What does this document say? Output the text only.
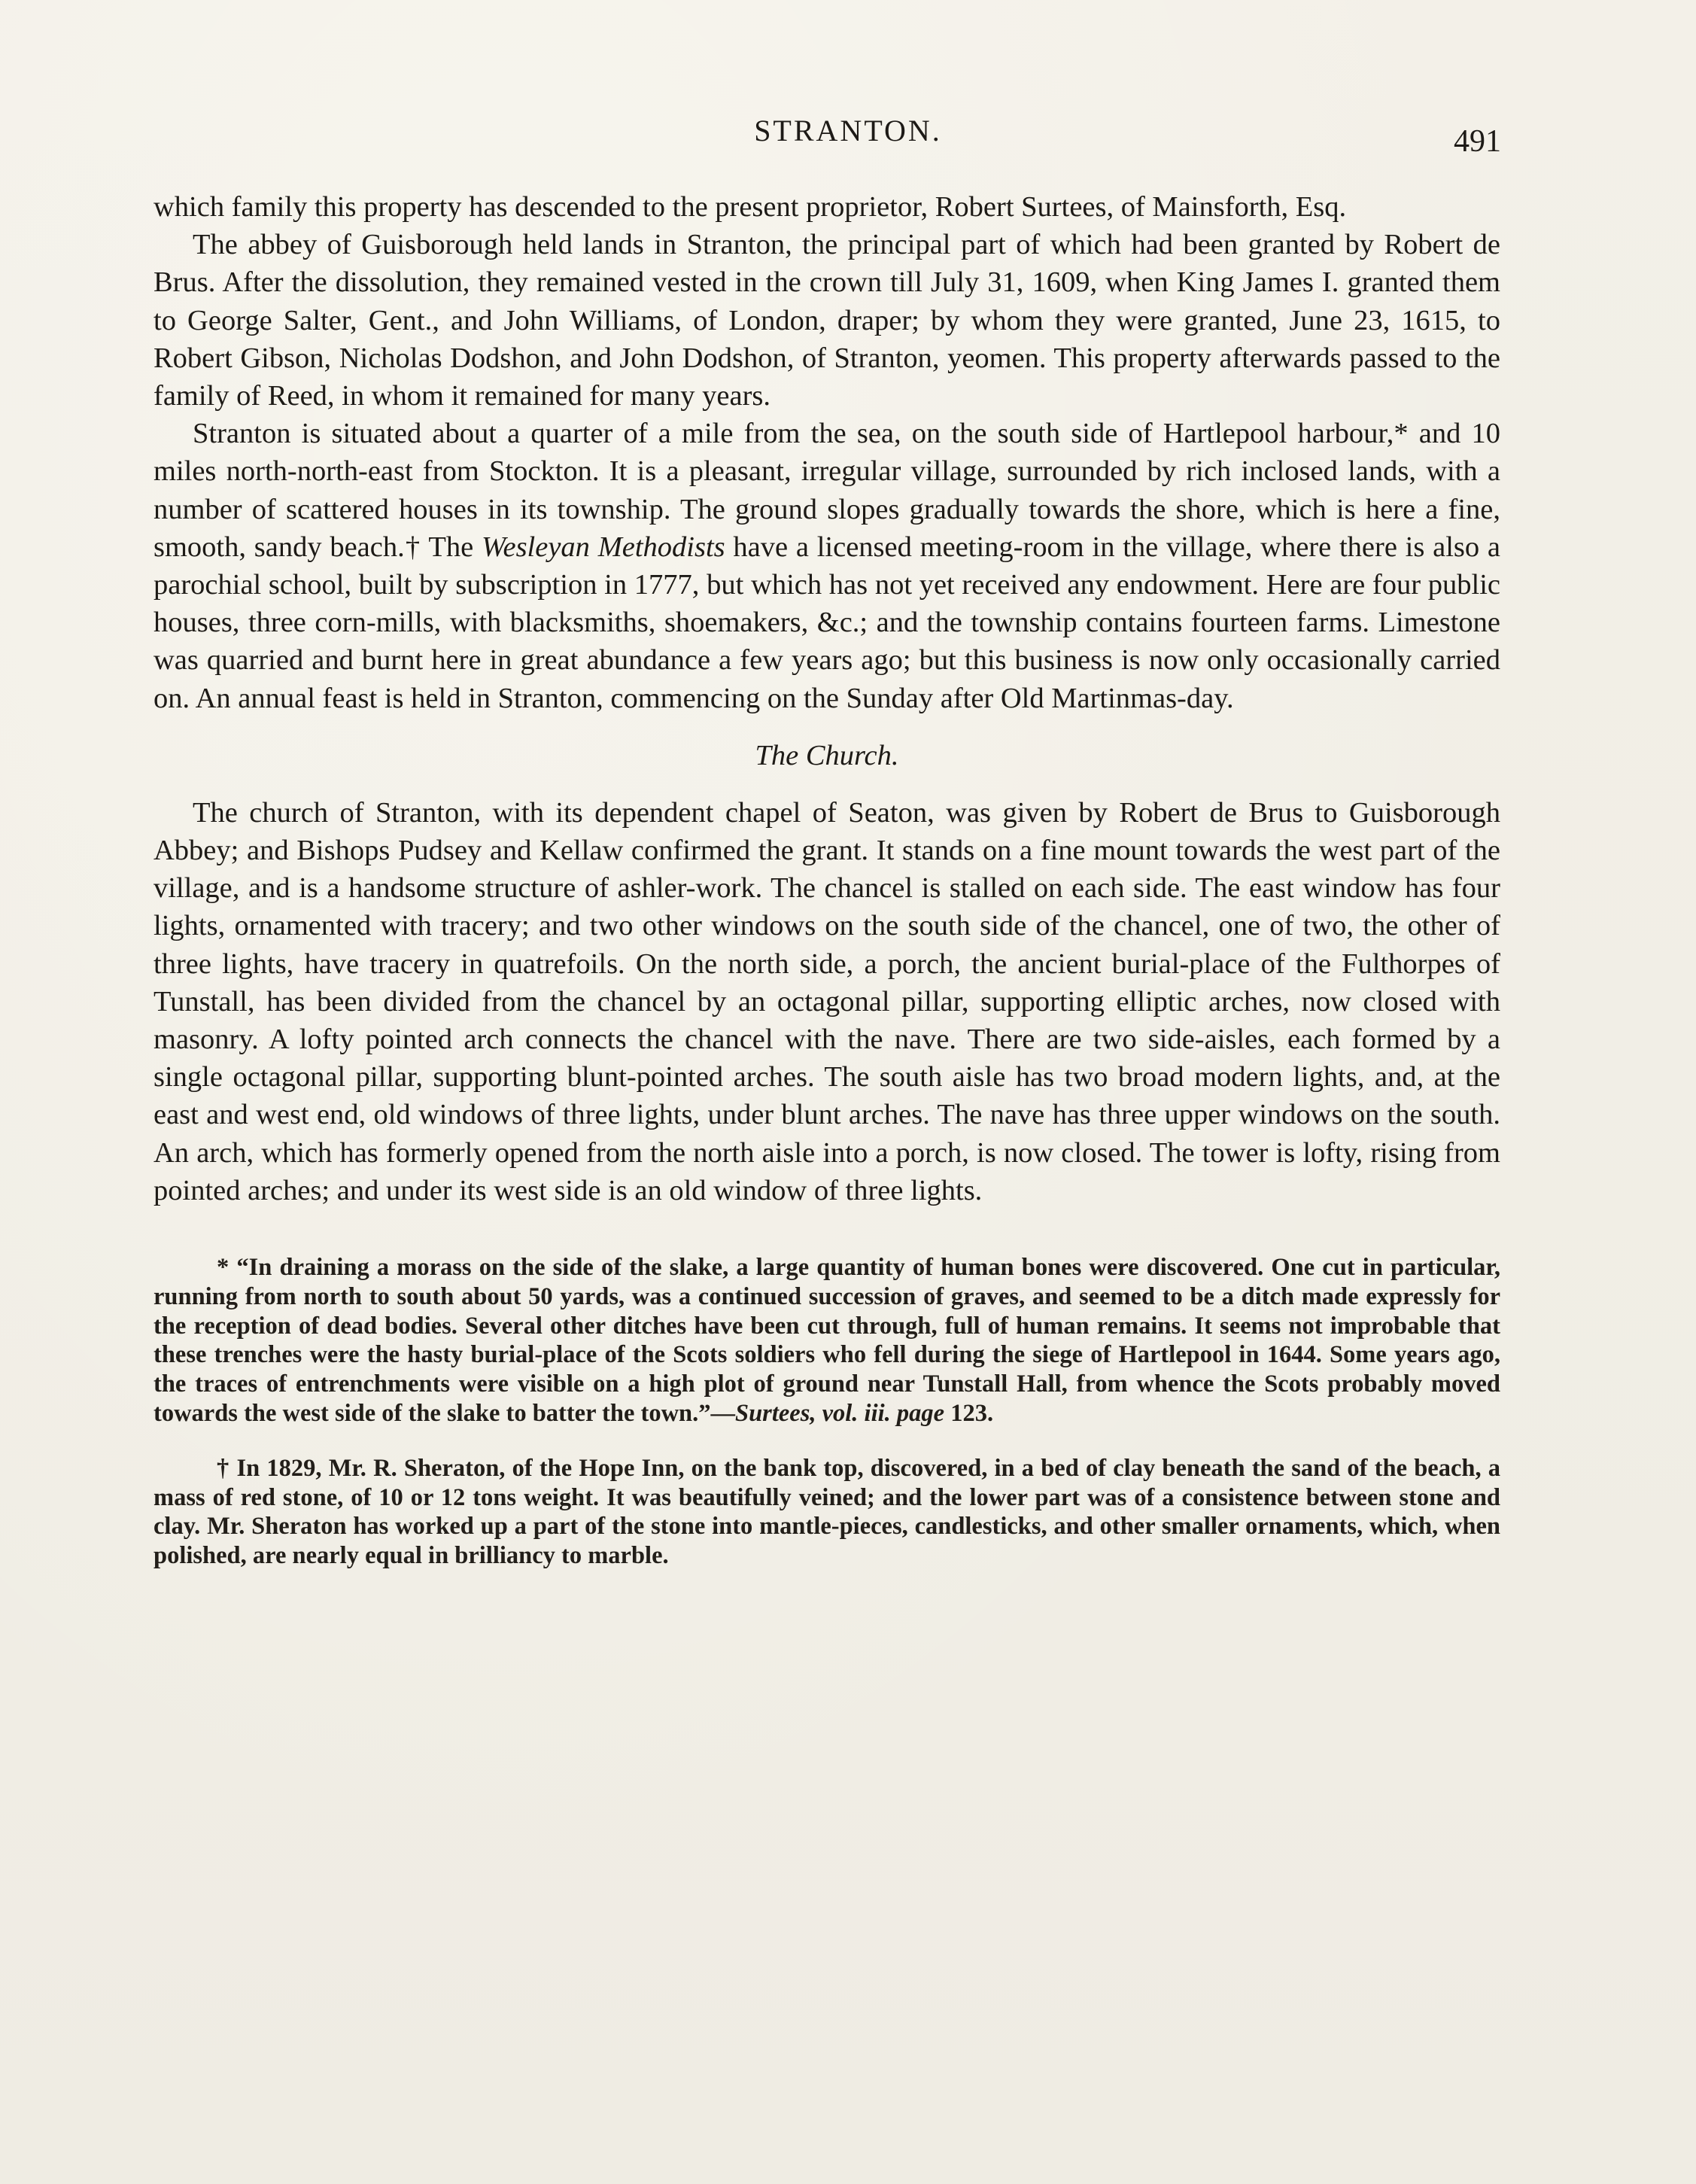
STRANTON.	491

which family this property has descended to the present proprietor, Robert Surtees, of Mainsforth, Esq.

The abbey of Guisborough held lands in Stranton, the principal part of which had been granted by Robert de Brus. After the dissolution, they remained vested in the crown till July 31, 1609, when King James I. granted them to George Salter, Gent., and John Williams, of London, draper; by whom they were granted, June 23, 1615, to Robert Gibson, Nicholas Dodshon, and John Dodshon, of Stranton, yeomen. This property afterwards passed to the family of Reed, in whom it remained for many years.

Stranton is situated about a quarter of a mile from the sea, on the south side of Hartlepool harbour,* and 10 miles north-north-east from Stockton. It is a pleasant, irregular village, surrounded by rich inclosed lands, with a number of scattered houses in its township. The ground slopes gradually towards the shore, which is here a fine, smooth, sandy beach.† The Wesleyan Methodists have a licensed meeting-room in the village, where there is also a parochial school, built by subscription in 1777, but which has not yet received any endowment. Here are four public houses, three corn-mills, with blacksmiths, shoemakers, &c.; and the township contains fourteen farms. Limestone was quarried and burnt here in great abundance a few years ago; but this business is now only occasionally carried on. An annual feast is held in Stranton, commencing on the Sunday after Old Martinmas-day.

The Church.

The church of Stranton, with its dependent chapel of Seaton, was given by Robert de Brus to Guisborough Abbey; and Bishops Pudsey and Kellaw confirmed the grant. It stands on a fine mount towards the west part of the village, and is a handsome structure of ashler-work. The chancel is stalled on each side. The east window has four lights, ornamented with tracery; and two other windows on the south side of the chancel, one of two, the other of three lights, have tracery in quatrefoils. On the north side, a porch, the ancient burial-place of the Fulthorpes of Tunstall, has been divided from the chancel by an octagonal pillar, supporting elliptic arches, now closed with masonry. A lofty pointed arch connects the chancel with the nave. There are two side-aisles, each formed by a single octagonal pillar, supporting blunt-pointed arches. The south aisle has two broad modern lights, and, at the east and west end, old windows of three lights, under blunt arches. The nave has three upper windows on the south. An arch, which has formerly opened from the north aisle into a porch, is now closed. The tower is lofty, rising from pointed arches; and under its west side is an old window of three lights.

* “In draining a morass on the side of the slake, a large quantity of human bones were discovered. One cut in particular, running from north to south about 50 yards, was a continued succession of graves, and seemed to be a ditch made expressly for the reception of dead bodies. Several other ditches have been cut through, full of human remains. It seems not improbable that these trenches were the hasty burial-place of the Scots soldiers who fell during the siege of Hartlepool in 1644. Some years ago, the traces of entrenchments were visible on a high plot of ground near Tunstall Hall, from whence the Scots probably moved towards the west side of the slake to batter the town.”—Surtees, vol. iii. page 123.

† In 1829, Mr. R. Sheraton, of the Hope Inn, on the bank top, discovered, in a bed of clay beneath the sand of the beach, a mass of red stone, of 10 or 12 tons weight. It was beautifully veined; and the lower part was of a consistence between stone and clay. Mr. Sheraton has worked up a part of the stone into mantle-pieces, candlesticks, and other smaller ornaments, which, when polished, are nearly equal in brilliancy to marble.
